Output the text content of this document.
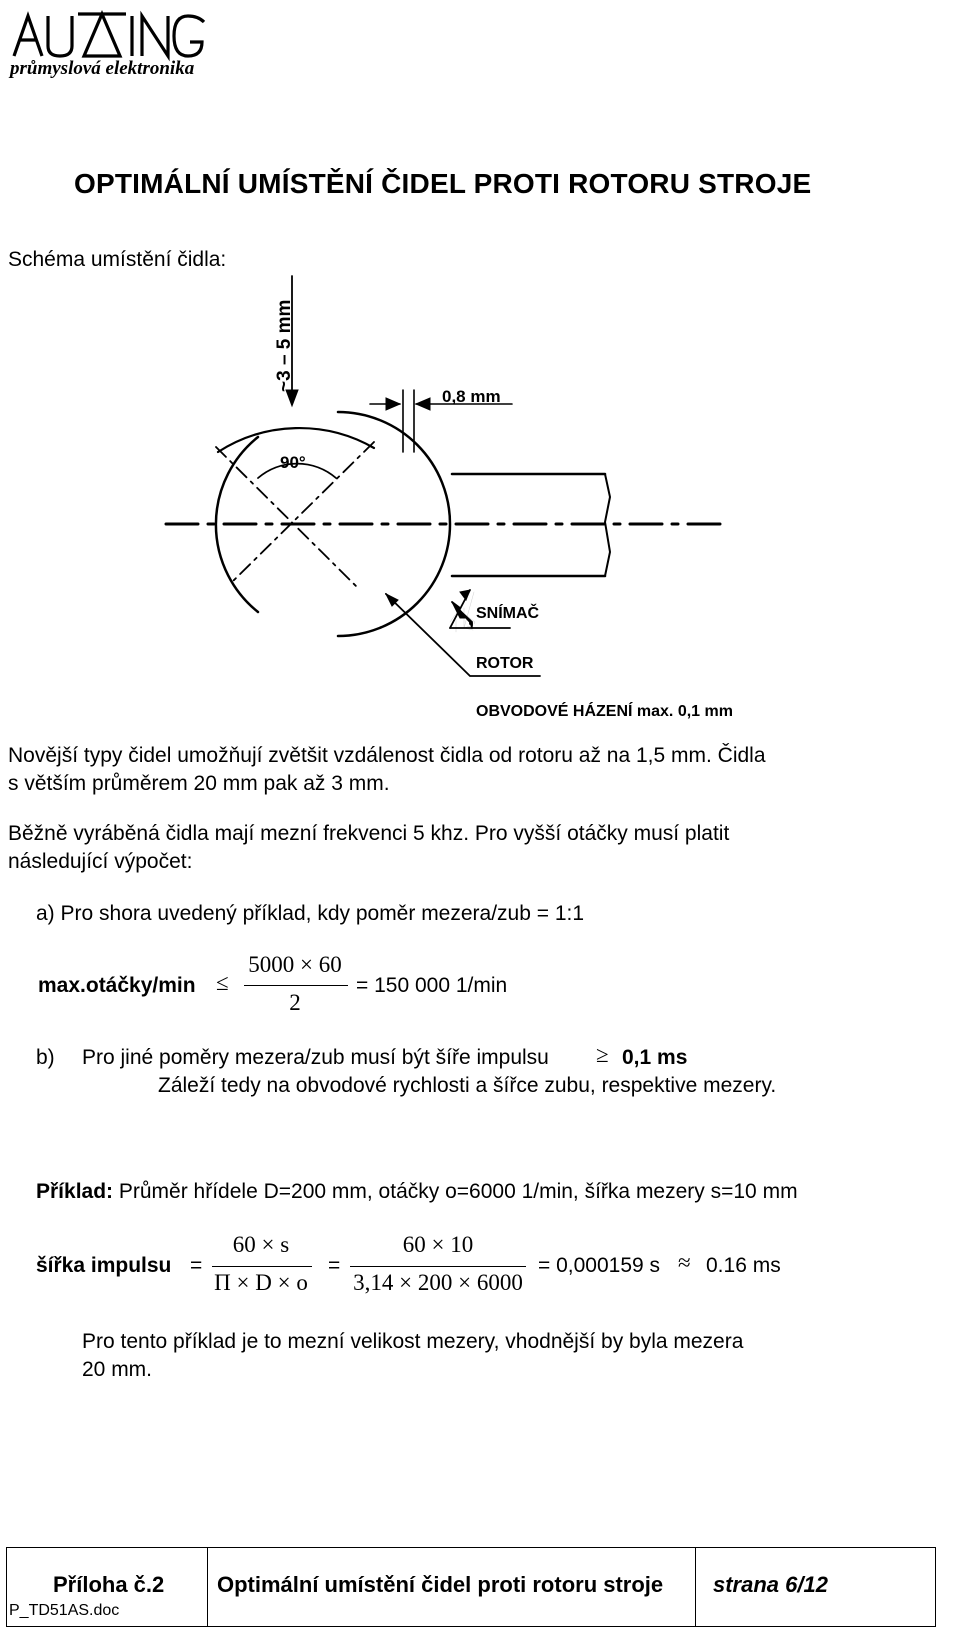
průmyslová elektronika
OPTIMÁLNÍ UMÍSTĚNÍ ČIDEL PROTI ROTORU STROJE
Schéma umístění čidla:
~3 – 5 mm
0,8 mm
90°
SNÍMAČ
ROTOR
OBVODOVÉ HÁZENÍ max. 0,1 mm
Novější typy čidel umožňují zvětšit vzdálenost čidla od rotoru až na 1,5 mm. Čidla
s větším průměrem 20 mm pak až 3 mm.
Běžně vyráběná čidla mají mezní frekvenci 5 khz. Pro vyšší otáčky musí platit
následující výpočet:
a) Pro shora uvedený příklad, kdy poměr mezera/zub = 1:1
max.otáčky/min ≤
5000 × 60
2
= 150 000 1/min
b) Pro jiné poměry mezera/zub musí být šíře impulsu ≥ 0,1 ms
Záleží tedy na obvodové rychlosti a šířce zubu, respektive mezery.
Příklad: Průměr hřídele D=200 mm, otáčky o=6000 1/min, šířka mezery s=10 mm
šířka impulsu =
60 × s
Π × D × o
=
60 × 10
3,14 × 200 × 6000
= 0,000159 s ≈ 0.16 ms
Pro tento příklad je to mezní velikost mezery, vhodnější by byla mezera
20 mm.
Příloha č.2
P_TD51AS.doc
Optimální umístění čidel proti rotoru stroje strana 6/12
